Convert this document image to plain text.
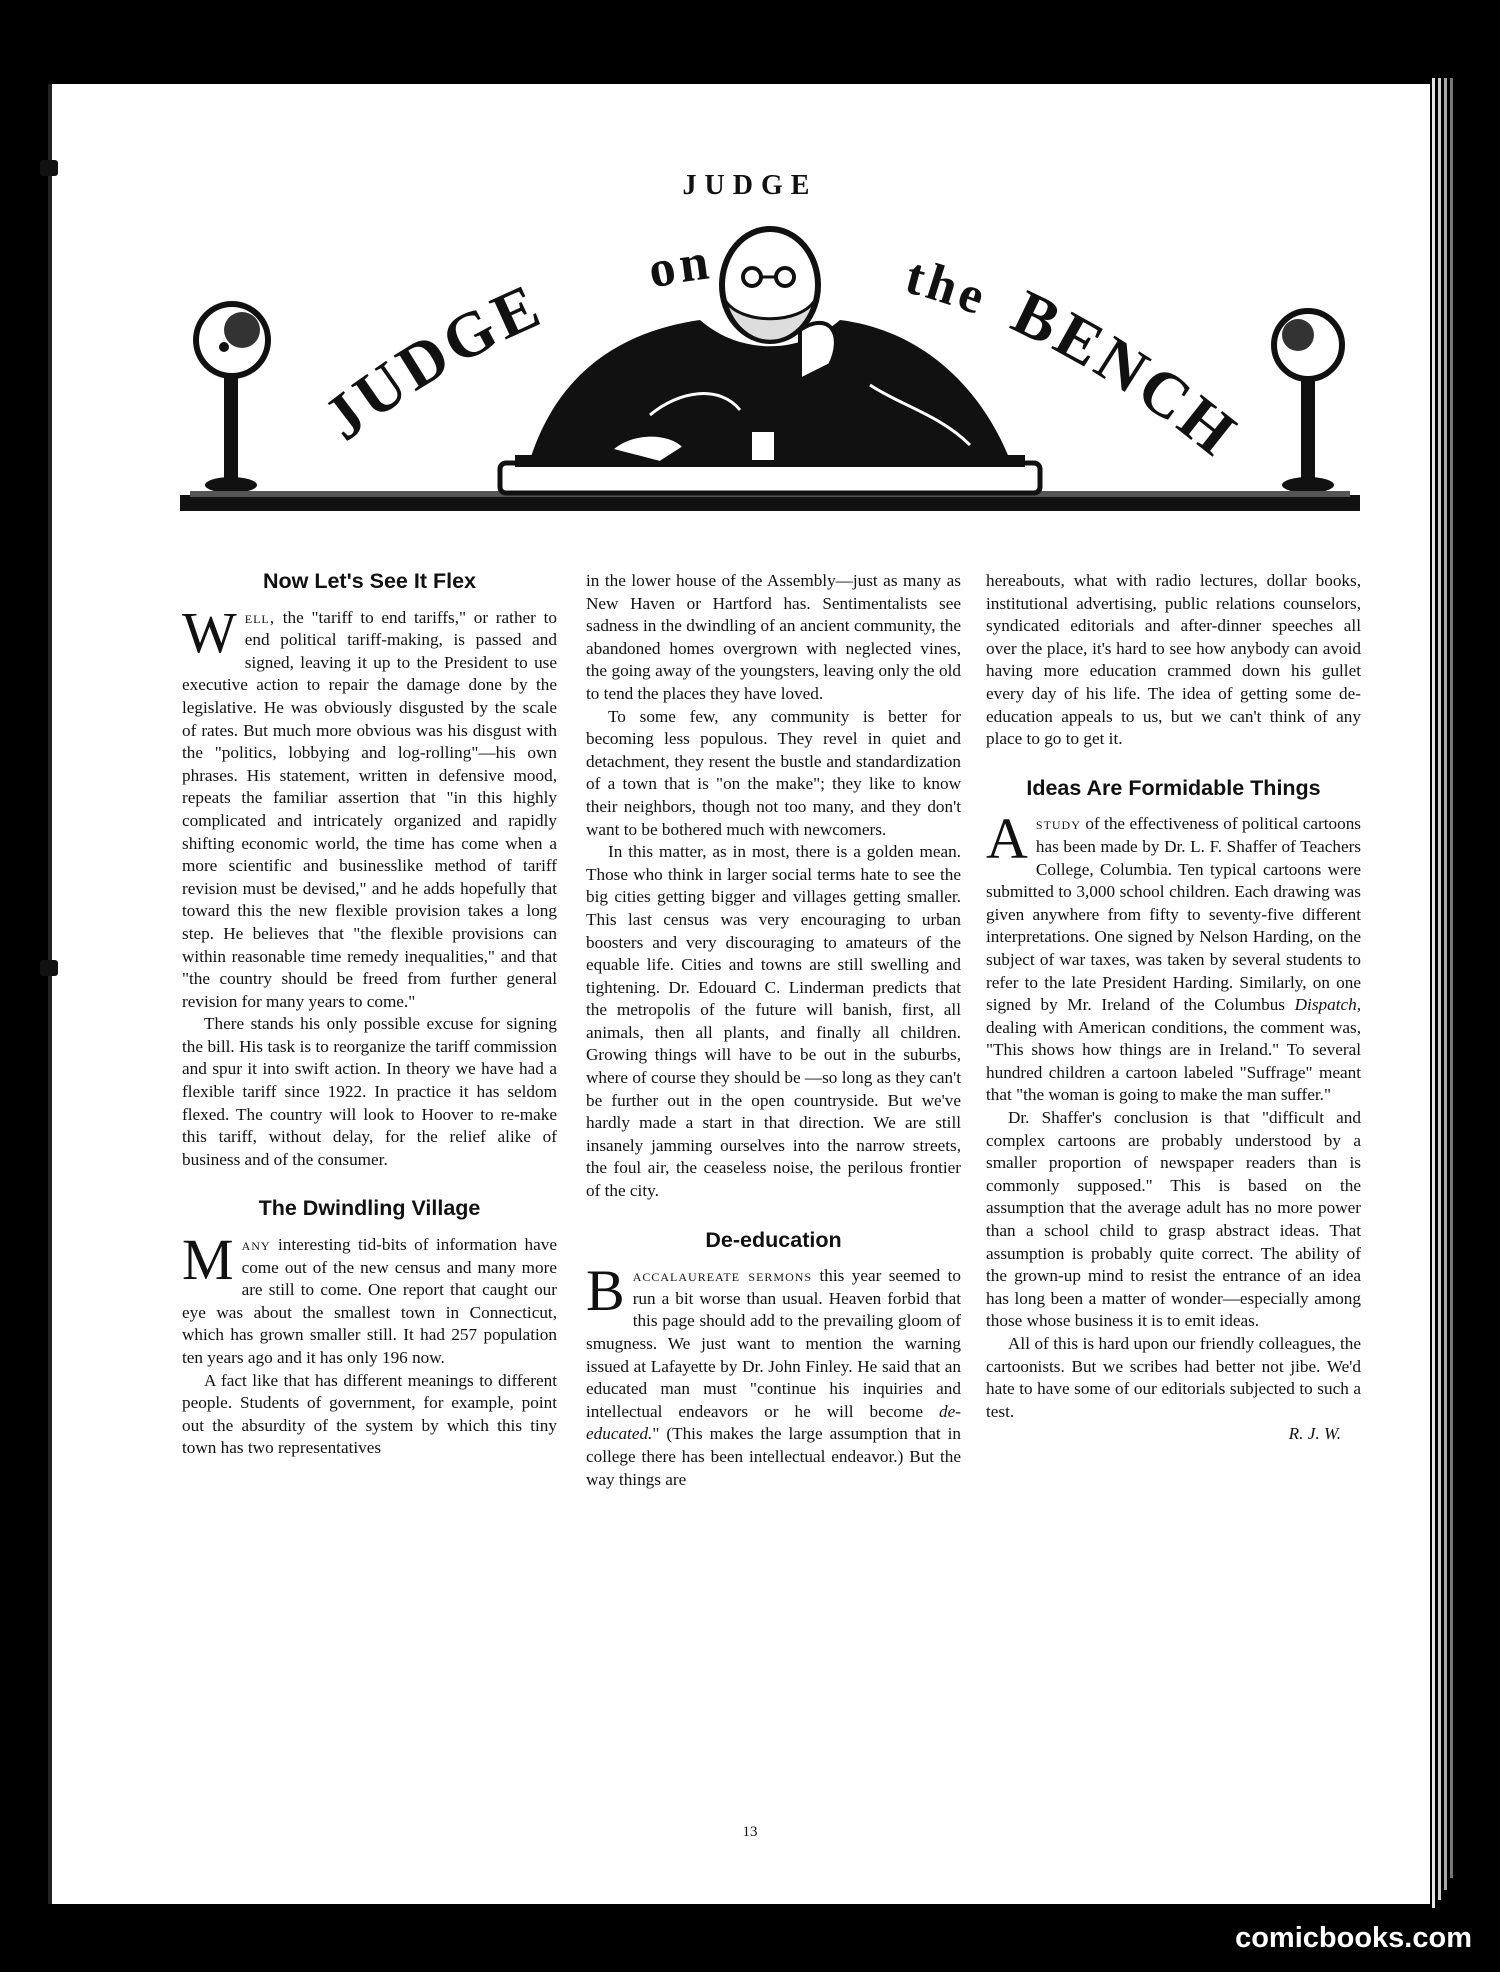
JUDGE
JUDGEon	theBENCH
Now Let's See It Flex

Well, the "tariff to end tariffs," or rather to end political tariff-making, is passed and signed, leaving it up to the President to use executive action to repair the damage done by the legislative. He was obviously disgusted by the scale of rates. But much more obvious was his disgust with the "politics, lobbying and log-rolling"—his own phrases. His statement, written in defensive mood, repeats the familiar assertion that "in this highly complicated and intricately organized and rapidly shifting economic world, the time has come when a more scientific and businesslike method of tariff revision must be devised," and he adds hopefully that toward this the new flexible provision takes a long step. He believes that "the flexible provisions can within reasonable time remedy inequalities," and that "the country should be freed from further general revision for many years to come."

There stands his only possible excuse for signing the bill. His task is to reorganize the tariff commission and spur it into swift action. In theory we have had a flexible tariff since 1922. In practice it has seldom flexed. The country will look to Hoover to re-make this tariff, without delay, for the relief alike of business and of the consumer.

The Dwindling Village

Many interesting tid-bits of information have come out of the new census and many more are still to come. One report that caught our eye was about the smallest town in Connecticut, which has grown smaller still. It had 257 population ten years ago and it has only 196 now.

A fact like that has different meanings to different people. Students of government, for example, point out the absurdity of the system by which this tiny town has two representatives

in the lower house of the Assembly—just as many as New Haven or Hartford has. Sentimentalists see sadness in the dwindling of an ancient community, the abandoned homes overgrown with neglected vines, the going away of the youngsters, leaving only the old to tend the places they have loved.

To some few, any community is better for becoming less populous. They revel in quiet and detachment, they resent the bustle and standardization of a town that is "on the make"; they like to know their neighbors, though not too many, and they don't want to be bothered much with newcomers.

In this matter, as in most, there is a golden mean. Those who think in larger social terms hate to see the big cities getting bigger and villages getting smaller. This last census was very encouraging to urban boosters and very discouraging to amateurs of the equable life. Cities and towns are still swelling and tightening. Dr. Edouard C. Linderman predicts that the metropolis of the future will banish, first, all animals, then all plants, and finally all children. Growing things will have to be out in the suburbs, where of course they should be —so long as they can't be further out in the open countryside. But we've hardly made a start in that direction. We are still insanely jamming ourselves into the narrow streets, the foul air, the ceaseless noise, the perilous frontier of the city.

De-education

Baccalaureate sermons this year seemed to run a bit worse than usual. Heaven forbid that this page should add to the prevailing gloom of smugness. We just want to mention the warning issued at Lafayette by Dr. John Finley. He said that an educated man must "continue his inquiries and intellectual endeavors or he will become de-educated." (This makes the large assumption that in college there has been intellectual endeavor.) But the way things are

hereabouts, what with radio lectures, dollar books, institutional advertising, public relations counselors, syndicated editorials and after-dinner speeches all over the place, it's hard to see how anybody can avoid having more education crammed down his gullet every day of his life. The idea of getting some de-education appeals to us, but we can't think of any place to go to get it.

Ideas Are Formidable Things

Astudy of the effectiveness of political cartoons has been made by Dr. L. F. Shaffer of Teachers College, Columbia. Ten typical cartoons were submitted to 3,000 school children. Each drawing was given anywhere from fifty to seventy-five different interpretations. One signed by Nelson Harding, on the subject of war taxes, was taken by several students to refer to the late President Harding. Similarly, on one signed by Mr. Ireland of the Columbus Dispatch, dealing with American conditions, the comment was, "This shows how things are in Ireland." To several hundred children a cartoon labeled "Suffrage" meant that "the woman is going to make the man suffer."

Dr. Shaffer's conclusion is that "difficult and complex cartoons are probably understood by a smaller proportion of newspaper readers than is commonly supposed." This is based on the assumption that the average adult has no more power than a school child to grasp abstract ideas. That assumption is probably quite correct. The ability of the grown-up mind to resist the entrance of an idea has long been a matter of wonder—especially among those whose business it is to emit ideas.

All of this is hard upon our friendly colleagues, the cartoonists. But we scribes had better not jibe. We'd hate to have some of our editorials subjected to such a test.

R. J. W.

13
comicbooks.com
